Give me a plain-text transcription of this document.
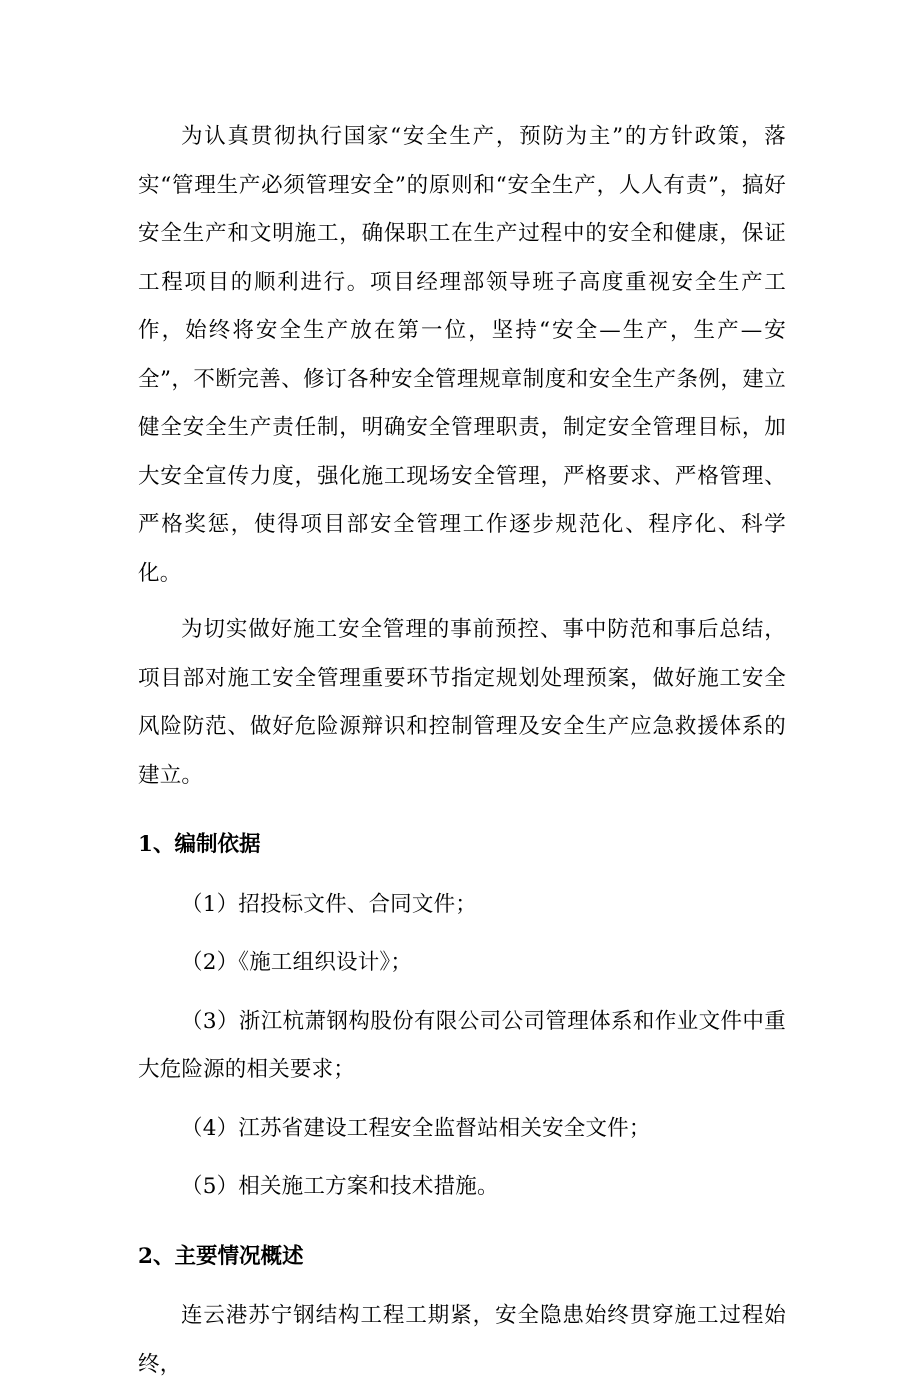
为认真贯彻执行国家“安全生产，预防为主”的方针政策，落实“管理生产必须管理安全”的原则和“安全生产，人人有责”，搞好安全生产和文明施工，确保职工在生产过程中的安全和健康，保证工程项目的顺利进行。项目经理部领导班子高度重视安全生产工作，始终将安全生产放在第一位，坚持“安全—生产，生产—安全”，不断完善、修订各种安全管理规章制度和安全生产条例，建立健全安全生产责任制，明确安全管理职责，制定安全管理目标，加大安全宣传力度，强化施工现场安全管理，严格要求、严格管理、严格奖惩，使得项目部安全管理工作逐步规范化、程序化、科学化。

为切实做好施工安全管理的事前预控、事中防范和事后总结，项目部对施工安全管理重要环节指定规划处理预案，做好施工安全风险防范、做好危险源辩识和控制管理及安全生产应急救援体系的建立。

1、编制依据

（1）招投标文件、合同文件；

（2）《施工组织设计》；

（3）浙江杭萧钢构股份有限公司公司管理体系和作业文件中重大危险源的相关要求；

（4）江苏省建设工程安全监督站相关安全文件；

（5）相关施工方案和技术措施。

2、主要情况概述

连云港苏宁钢结构工程工期紧，安全隐患始终贯穿施工过程始终，
